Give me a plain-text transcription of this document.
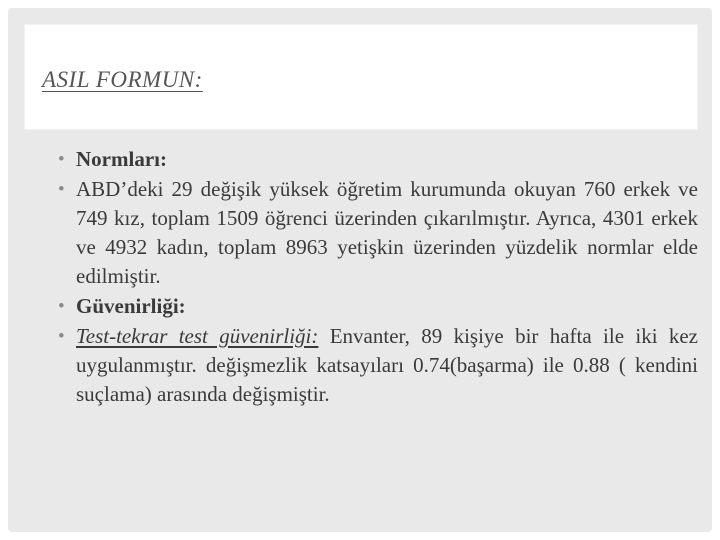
ASIL FORMUN:
• Normları:
• ABD’deki 29 değişik yüksek öğretim kurumunda okuyan 760 erkek ve 749 kız, toplam 1509 öğrenci üzerinden çıkarılmıştır. Ayrıca, 4301 erkek ve 4932 kadın, toplam 8963 yetişkin üzerinden yüzdelik normlar elde edilmiştir.
• Güvenirliği:
• Test-tekrar test güvenirliği: Envanter, 89 kişiye bir hafta ile iki kez uygulanmıştır. değişmezlik katsayıları 0.74(başarma) ile 0.88 ( kendini suçlama) arasında değişmiştir.
